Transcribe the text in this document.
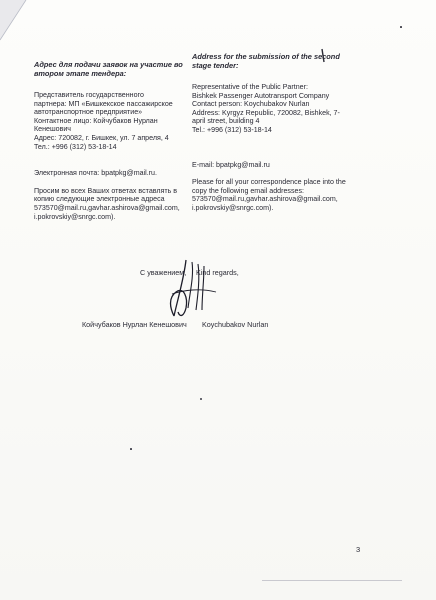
Адрес для подачи заявок на участие во втором этапе тендера:

Представитель государственного

партнера: МП «Бишкекское пассажирское

автотранспортное предприятие»

Контактное лицо: Койчубаков Нурлан Кенешович

Адрес: 720082, г. Бишкек, ул. 7 апреля, 4

Тел.: +996 (312) 53-18-14

Электронная почта: bpatpkg@mail.ru.

Просим во всех Ваших ответах вставлять в копию следующие электронные адреса 573570@mail.ru,gavhar.ashirova@gmail.com, i.pokrovskiy@snrgc.com).

Address for the submission of the second stage tender:

Representative of the Public Partner:

Bishkek Passenger Autotransport Company

Contact person: Koychubakov Nurlan

Address: Kyrgyz Republic, 720082, Bishkek, 7-april street, building 4

Tel.: +996 (312) 53-18-14

E-mail: bpatpkg@mail.ru

Please for all your correspondence place into the copy the following email addresses: 573570@mail.ru,gavhar.ashirova@gmail.com, i.pokrovskiy@snrgc.com).

С уважением, Kind regards,
Койчубаков Нурлан Кенешович Koychubakov Nurlan
3
